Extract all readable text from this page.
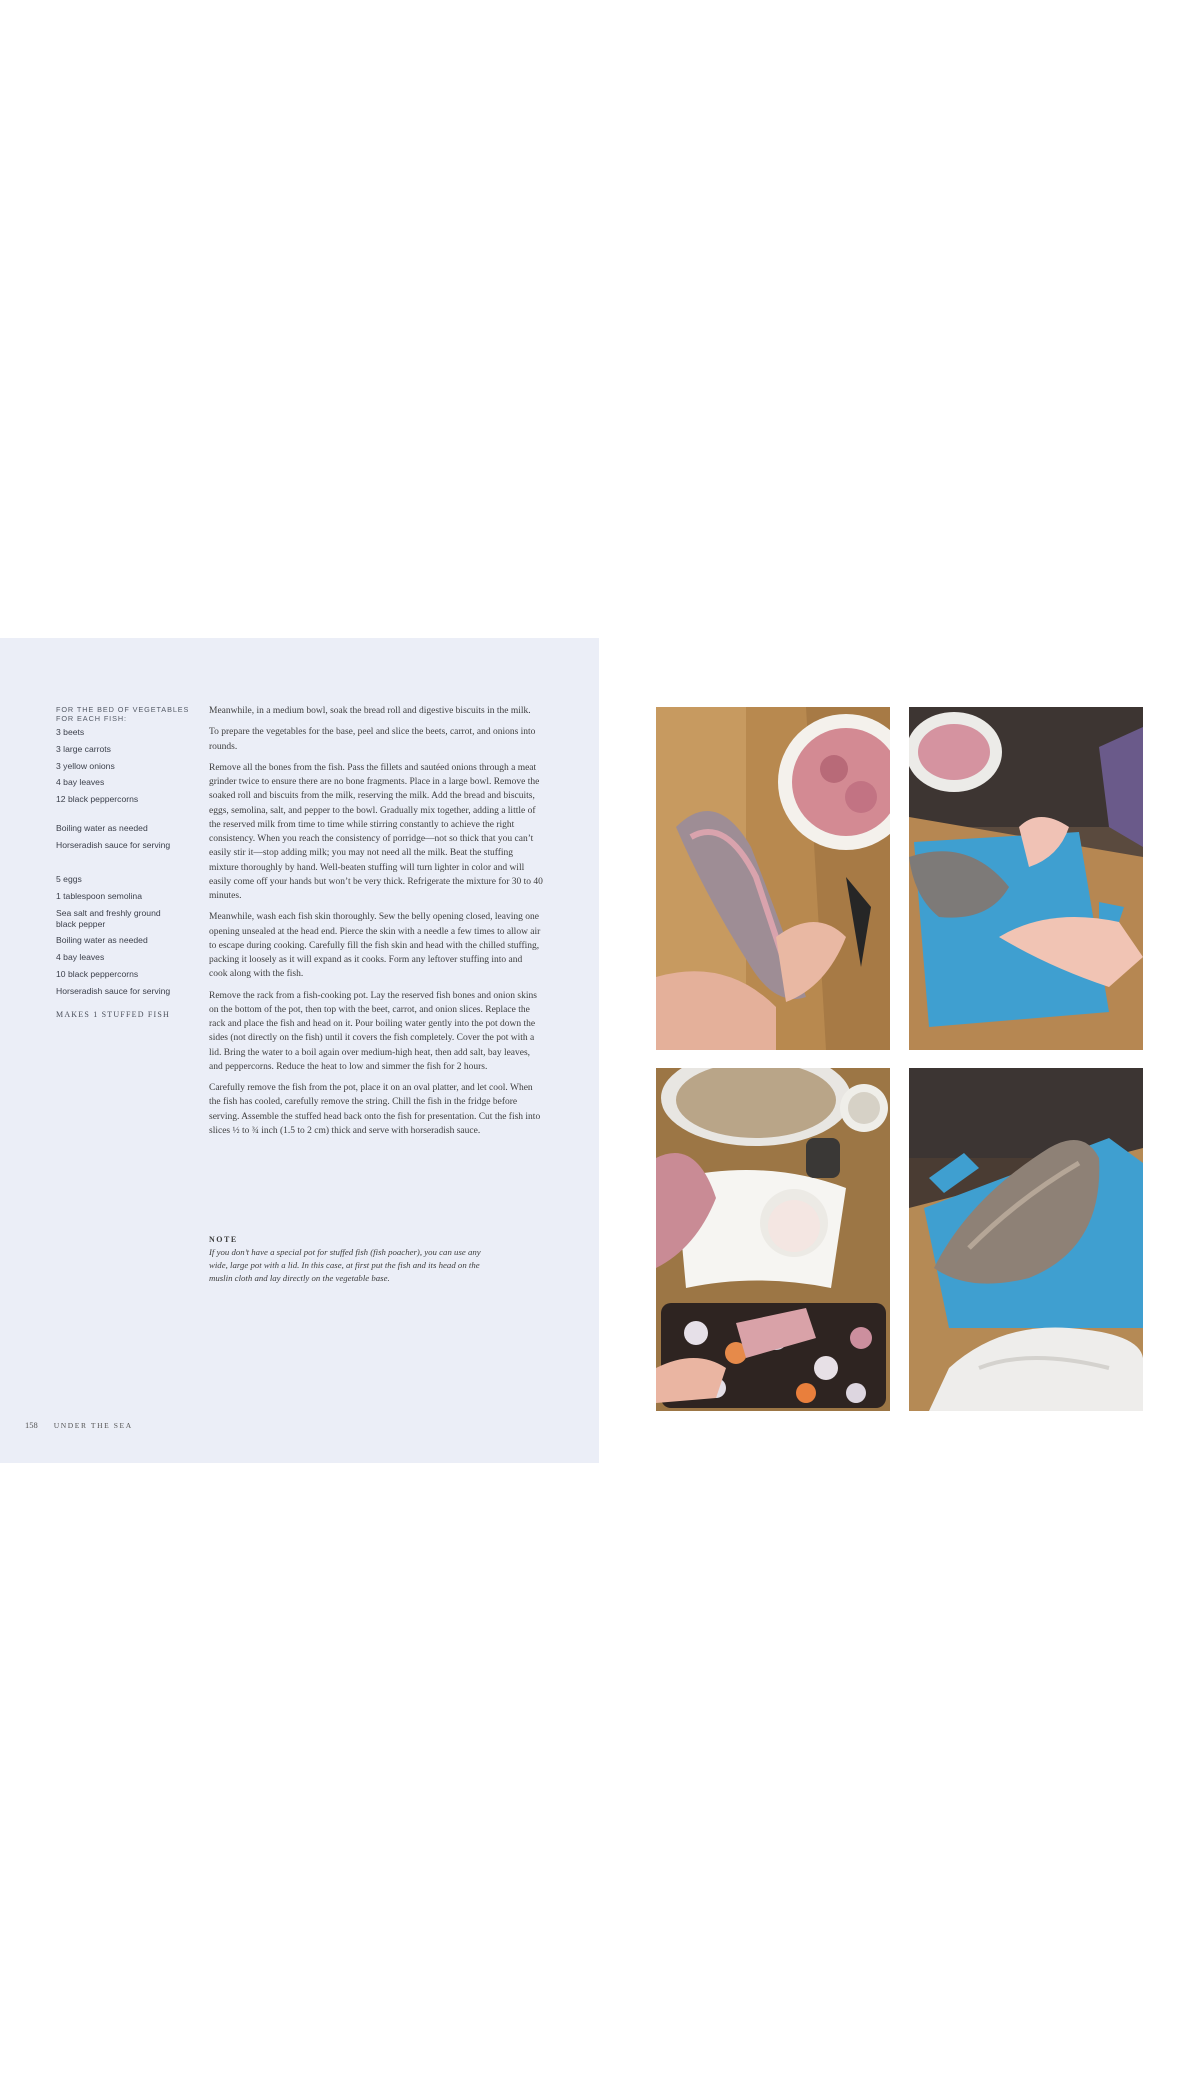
FOR THE BED OF VEGETABLES
FOR EACH FISH:
3 beets
3 large carrots
3 yellow onions
4 bay leaves
12 black peppercorns
Boiling water as needed
Horseradish sauce for serving
5 eggs
1 tablespoon semolina
Sea salt and freshly ground black pepper
Boiling water as needed
4 bay leaves
10 black peppercorns
Horseradish sauce for serving
MAKES 1 STUFFED FISH

Meanwhile, in a medium bowl, soak the bread roll and digestive biscuits in the milk.

To prepare the vegetables for the base, peel and slice the beets, carrot, and onions into rounds.

Remove all the bones from the fish. Pass the fillets and sautéed onions through a meat grinder twice to ensure there are no bone fragments. Place in a large bowl. Remove the soaked roll and biscuits from the milk, reserving the milk. Add the bread and biscuits, eggs, semolina, salt, and pepper to the bowl. Gradually mix together, adding a little of the reserved milk from time to time while stirring constantly to achieve the right consistency. When you reach the consistency of porridge—not so thick that you can’t easily stir it—stop adding milk; you may not need all the milk. Beat the stuffing mixture thoroughly by hand. Well-beaten stuffing will turn lighter in color and will easily come off your hands but won’t be very thick. Refrigerate the mixture for 30 to 40 minutes.

Meanwhile, wash each fish skin thoroughly. Sew the belly opening closed, leaving one opening unsealed at the head end. Pierce the skin with a needle a few times to allow air to escape during cooking. Carefully fill the fish skin and head with the chilled stuffing, packing it loosely as it will expand as it cooks. Form any leftover stuffing into and cook along with the fish.

Remove the rack from a fish-cooking pot. Lay the reserved fish bones and onion skins on the bottom of the pot, then top with the beet, carrot, and onion slices. Replace the rack and place the fish and head on it. Pour boiling water gently into the pot down the sides (not directly on the fish) until it covers the fish completely. Cover the pot with a lid. Bring the water to a boil again over medium-high heat, then add salt, bay leaves, and peppercorns. Reduce the heat to low and simmer the fish for 2 hours.

Carefully remove the fish from the pot, place it on an oval platter, and let cool. When the fish has cooled, carefully remove the string. Chill the fish in the fridge before serving. Assemble the stuffed head back onto the fish for presentation. Cut the fish into slices ½ to ¾ inch (1.5 to 2 cm) thick and serve with horseradish sauce.

NOTE
If you don’t have a special pot for stuffed fish (fish poacher), you can use any wide, large pot with a lid. In this case, at first put the fish and its head on the muslin cloth and lay directly on the vegetable base.
158 UNDER THE SEA
